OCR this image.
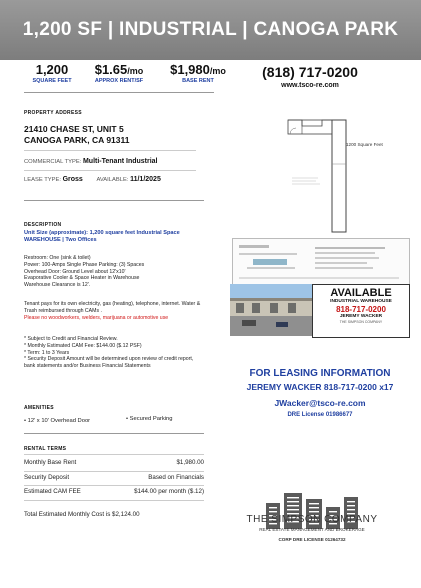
1,200 SF | INDUSTRIAL | CANOGA PARK
1,200
SQUARE FEET
$1.65/mo
APPROX RENT/SF
$1,980/mo
BASE RENT
(818) 717-0200
www.tsco-re.com
PROPERTY ADDRESS
21410 CHASE ST, UNIT 5
CANOGA PARK, CA 91311
COMMERCIAL TYPE: Multi-Tenant Industrial
LEASE TYPE: Gross AVAILABLE: 11/1/2025
1200 Square Feet
DESCRIPTION
Unit Size (approximate): 1,200 square feet Industrial Space WAREHOUSE | Two Offices
Restroom: One (sink & toilet)
Power: 100-Amps Single Phase Parking: (3) Spaces
Overhead Door: Ground Level about 12'x10'
Evaporative Cooler & Space Heater in Warehouse
Warehouse Clearance is 12'.
Tenant pays for its own electricity, gas (heating), telephone, internet. Water & Trash reimbursed through CAMs .
Please no woodworkers, welders, marijuana or automotive use
* Subject to Credit and Financial Review.
* Monthly Estimated CAM Fee: $144.00 ($.12 PSF)
* Term: 1 to 3 Years
* Security Deposit Amount will be determined upon review of credit report, bank statements and/or Business Financial Statements
AVAILABLE
INDUSTRIAL WAREHOUSE
818-717-0200
JEREMY WACKER
THE SIMPSON COMPANY
FOR LEASING INFORMATION
JEREMY WACKER 818-717-0200 x17
JWacker@tsco-re.com
DRE License 01986677
AMENITIES
• 12' x 10' Overhead Door	• Secured Parking
RENTAL TERMS
Monthly Base Rent	$1,980.00
Security Deposit	Based on Financials
Estimated CAM FEE	$144.00 per month ($.12)
Total Estimated Monthly Cost is $2,124.00	THE SIMPSON COMPANY
REAL ESTATE MANAGEMENT AND BROKERAGE
CORP DRE LICENSE 01264732
